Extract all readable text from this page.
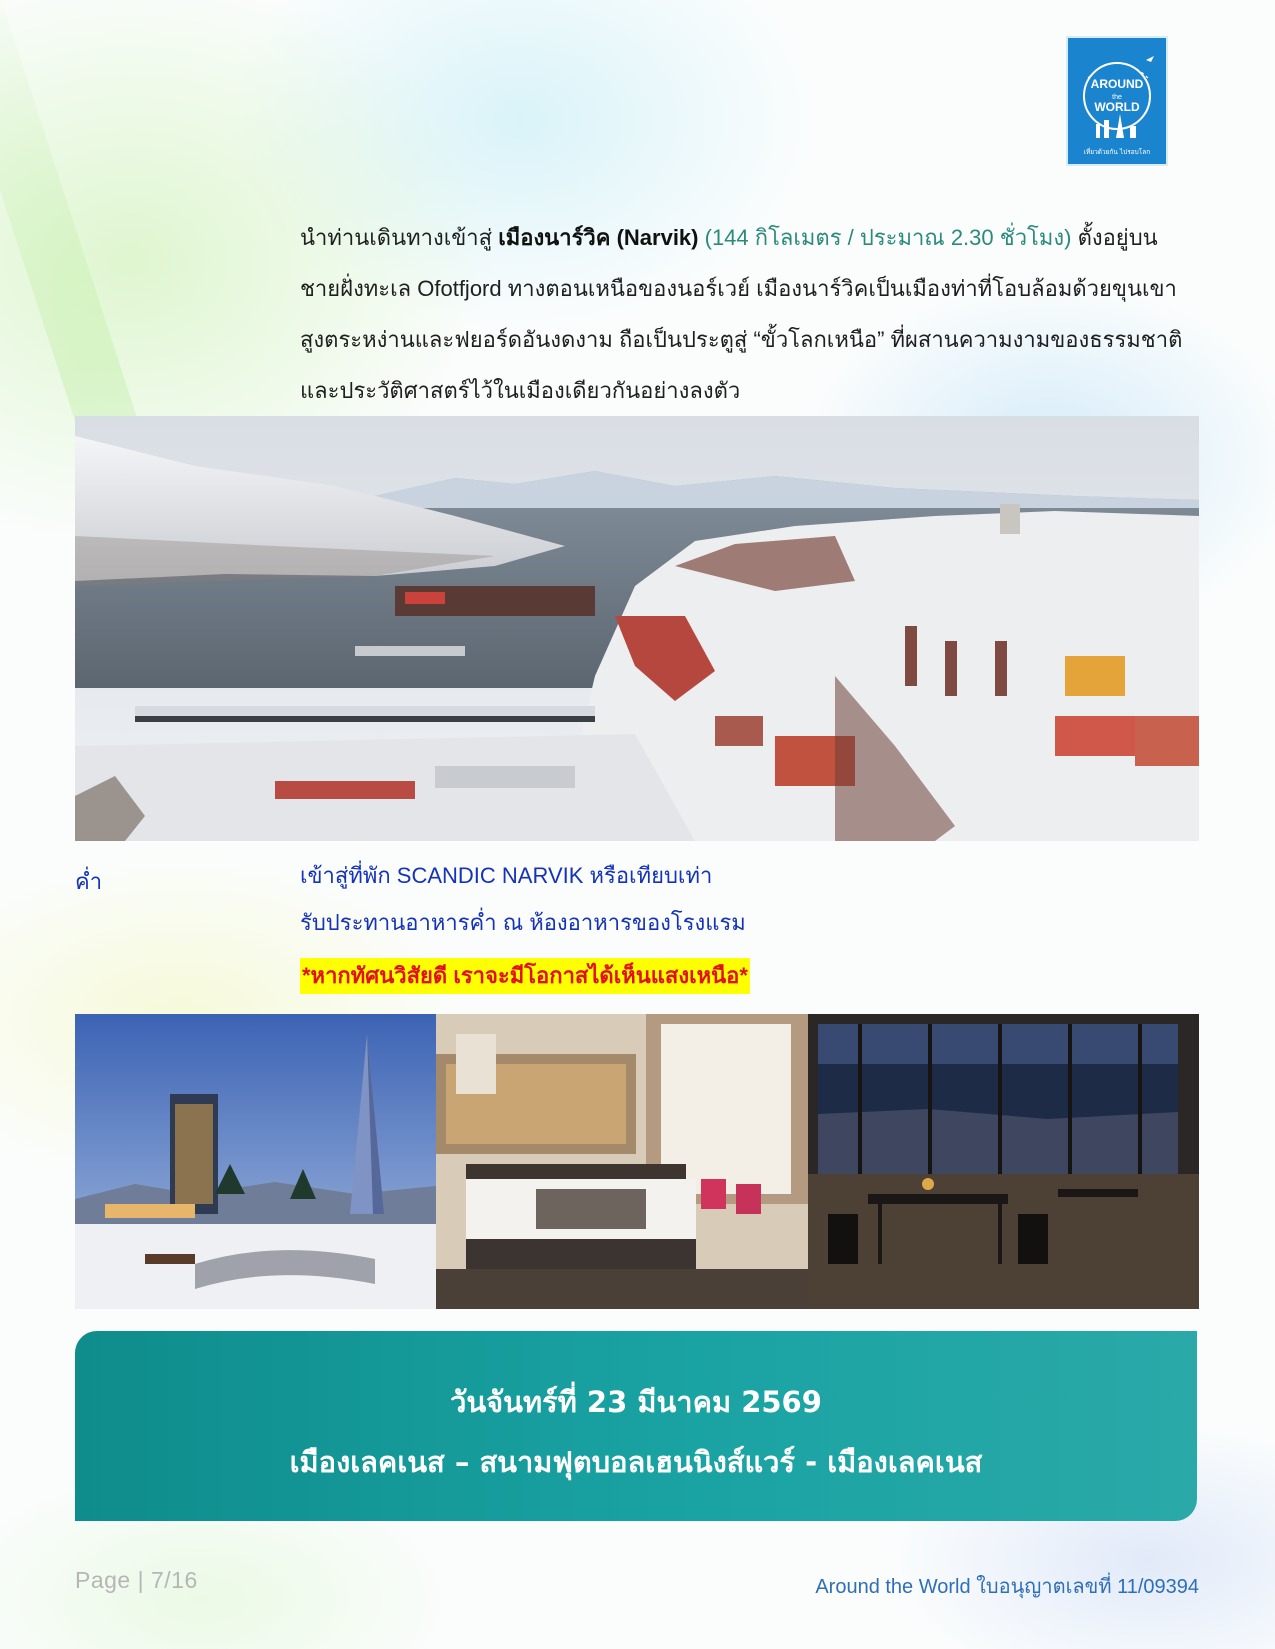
AROUND
the
WORLD
เที่ยวด้วยกัน ไปรอบโลก
นำท่านเดินทางเข้าสู่ เมืองนาร์วิค (Narvik) (144 กิโลเมตร / ประมาณ 2.30 ชั่วโมง) ตั้งอยู่บน
ชายฝั่งทะเล Ofotfjord ทางตอนเหนือของนอร์เวย์ เมืองนาร์วิคเป็นเมืองท่าที่โอบล้อมด้วยขุนเขา
สูงตระหง่านและฟยอร์ดอันงดงาม ถือเป็นประตูสู่ “ขั้วโลกเหนือ” ที่ผสานความงามของธรรมชาติ
และประวัติศาสตร์ไว้ในเมืองเดียวกันอย่างลงตัว
ค่ำ	เข้าสู่ที่พัก SCANDIC NARVIK หรือเทียบเท่า
รับประทานอาหารค่ำ ณ ห้องอาหารของโรงแรม
*หากทัศนวิสัยดี เราจะมีโอกาสได้เห็นแสงเหนือ*
วันจันทร์ที่ 23 มีนาคม 2569
เมืองเลคเนส – สนามฟุตบอลเฮนนิงส์แวร์ - เมืองเลคเนส
Page | 7/16	Around the World ใบอนุญาตเลขที่ 11/09394
